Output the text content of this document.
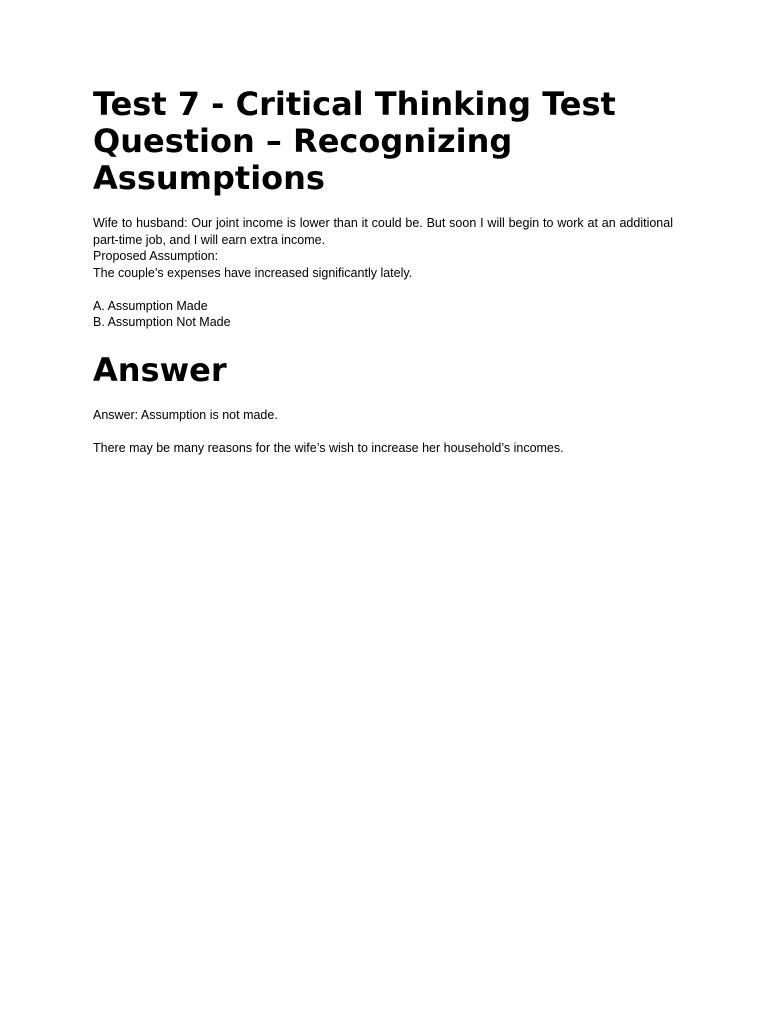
Test 7 - Critical Thinking Test Question – Recognizing Assumptions

Wife to husband: Our joint income is lower than it could be. But soon I will begin to work at an additional part-time job, and I will earn extra income.

Proposed Assumption:

The couple’s expenses have increased significantly lately.

A. Assumption Made

B. Assumption Not Made

Answer

Answer: Assumption is not made.

There may be many reasons for the wife’s wish to increase her household’s incomes.
